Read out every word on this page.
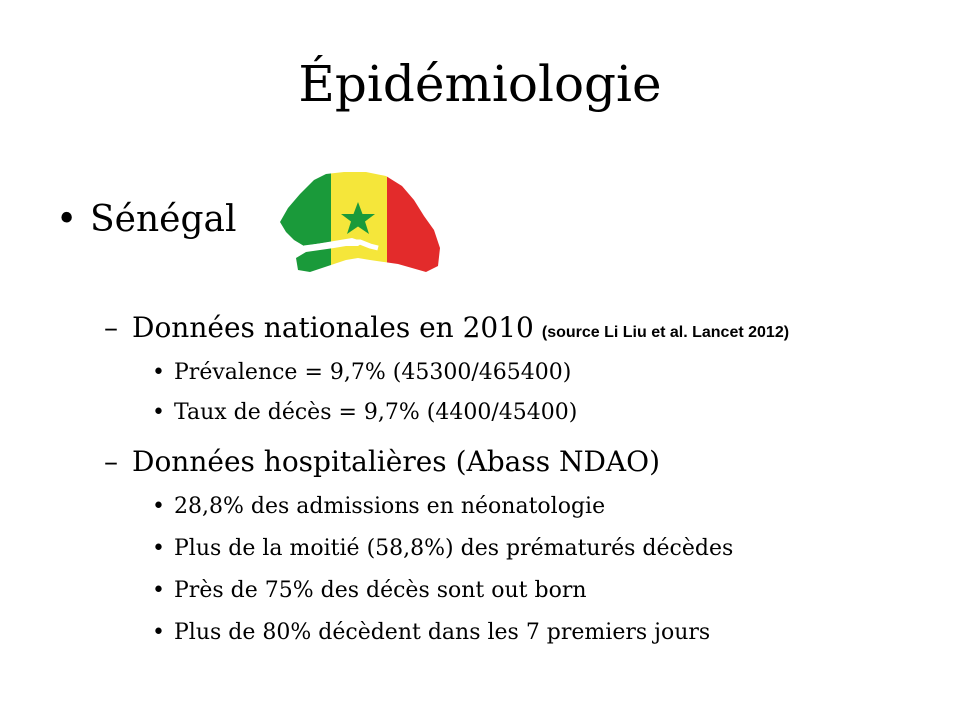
Épidémiologie
• Sénégal
– Données nationales en 2010 (source Li Liu et al. Lancet 2012)
• Prévalence = 9,7% (45300/465400)
• Taux de décès = 9,7% (4400/45400)
– Données hospitalières (Abass NDAO)
• 28,8% des admissions en néonatologie
• Plus de la moitié (58,8%) des prématurés décèdes
• Près de 75% des décès sont out born
• Plus de 80% décèdent dans les 7 premiers jours
